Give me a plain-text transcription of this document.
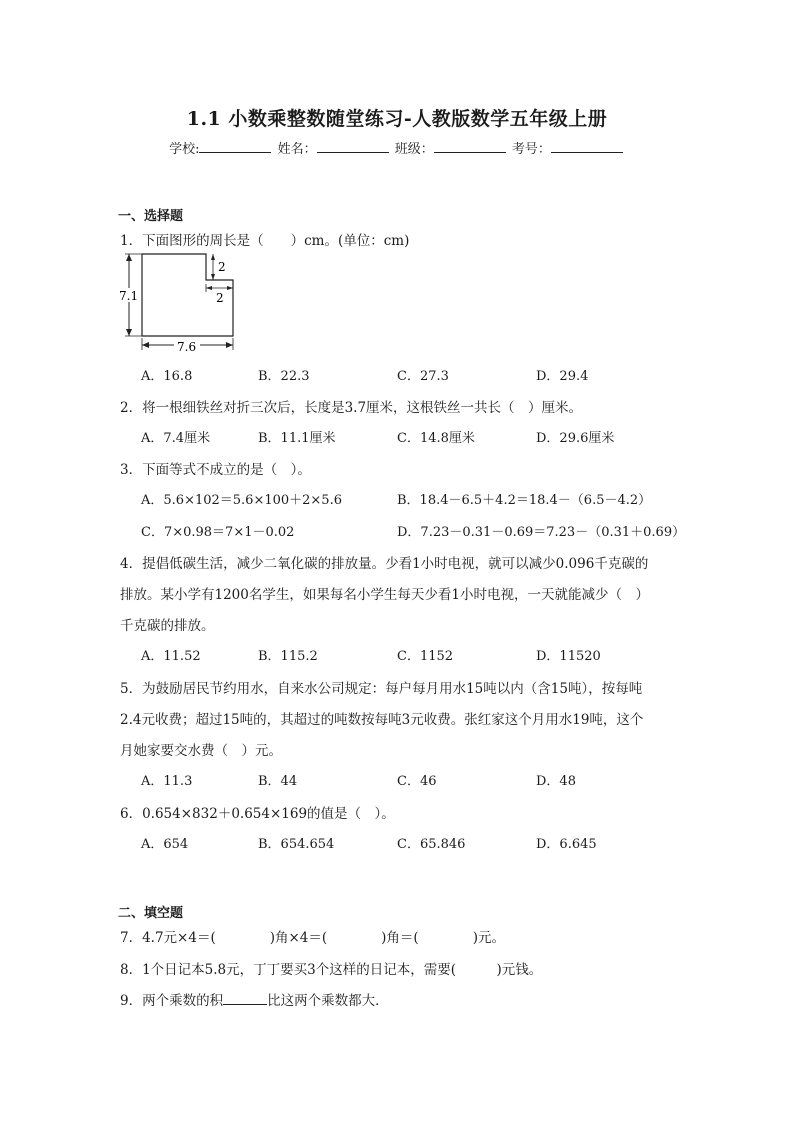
1.1 小数乘整数随堂练习-人教版数学五年级上册
学校:	姓名：	班级：	考号：
一、选择题
1．下面图形的周长是（　　）cm。(单位：cm)
7.1
7.6
2
2
A．16.8	B．22.3	C．27.3	D．29.4
2．将一根细铁丝对折三次后，长度是3.7厘米，这根铁丝一共长（　）厘米。
A．7.4厘米	B．11.1厘米	C．14.8厘米	D．29.6厘米
3．下面等式不成立的是（　）。
A．5.6×102＝5.6×100＋2×5.6	B．18.4－6.5＋4.2＝18.4－（6.5－4.2）
C．7×0.98＝7×1－0.02	D．7.23－0.31－0.69＝7.23－（0.31＋0.69）
4．提倡低碳生活，减少二氧化碳的排放量。少看1小时电视，就可以减少0.096千克碳的
排放。某小学有1200名学生，如果每名小学生每天少看1小时电视，一天就能减少（　）
千克碳的排放。
A．11.52	B．115.2	C．1152	D．11520
5．为鼓励居民节约用水，自来水公司规定：每户每月用水15吨以内（含15吨），按每吨
2.4元收费；超过15吨的，其超过的吨数按每吨3元收费。张红家这个月用水19吨，这个
月她家要交水费（　）元。
A．11.3	B．44	C．46	D．48
6．0.654×832＋0.654×169的值是（　）。
A．654	B．654.654	C．65.846	D．6.645
二、填空题
7．4.7元×4＝(　　　　)角×4＝(　　　　)角＝(　　　　)元。
8．1个日记本5.8元，丁丁要买3个这样的日记本，需要(　　　)元钱。
9．两个乘数的积	比这两个乘数都大．
